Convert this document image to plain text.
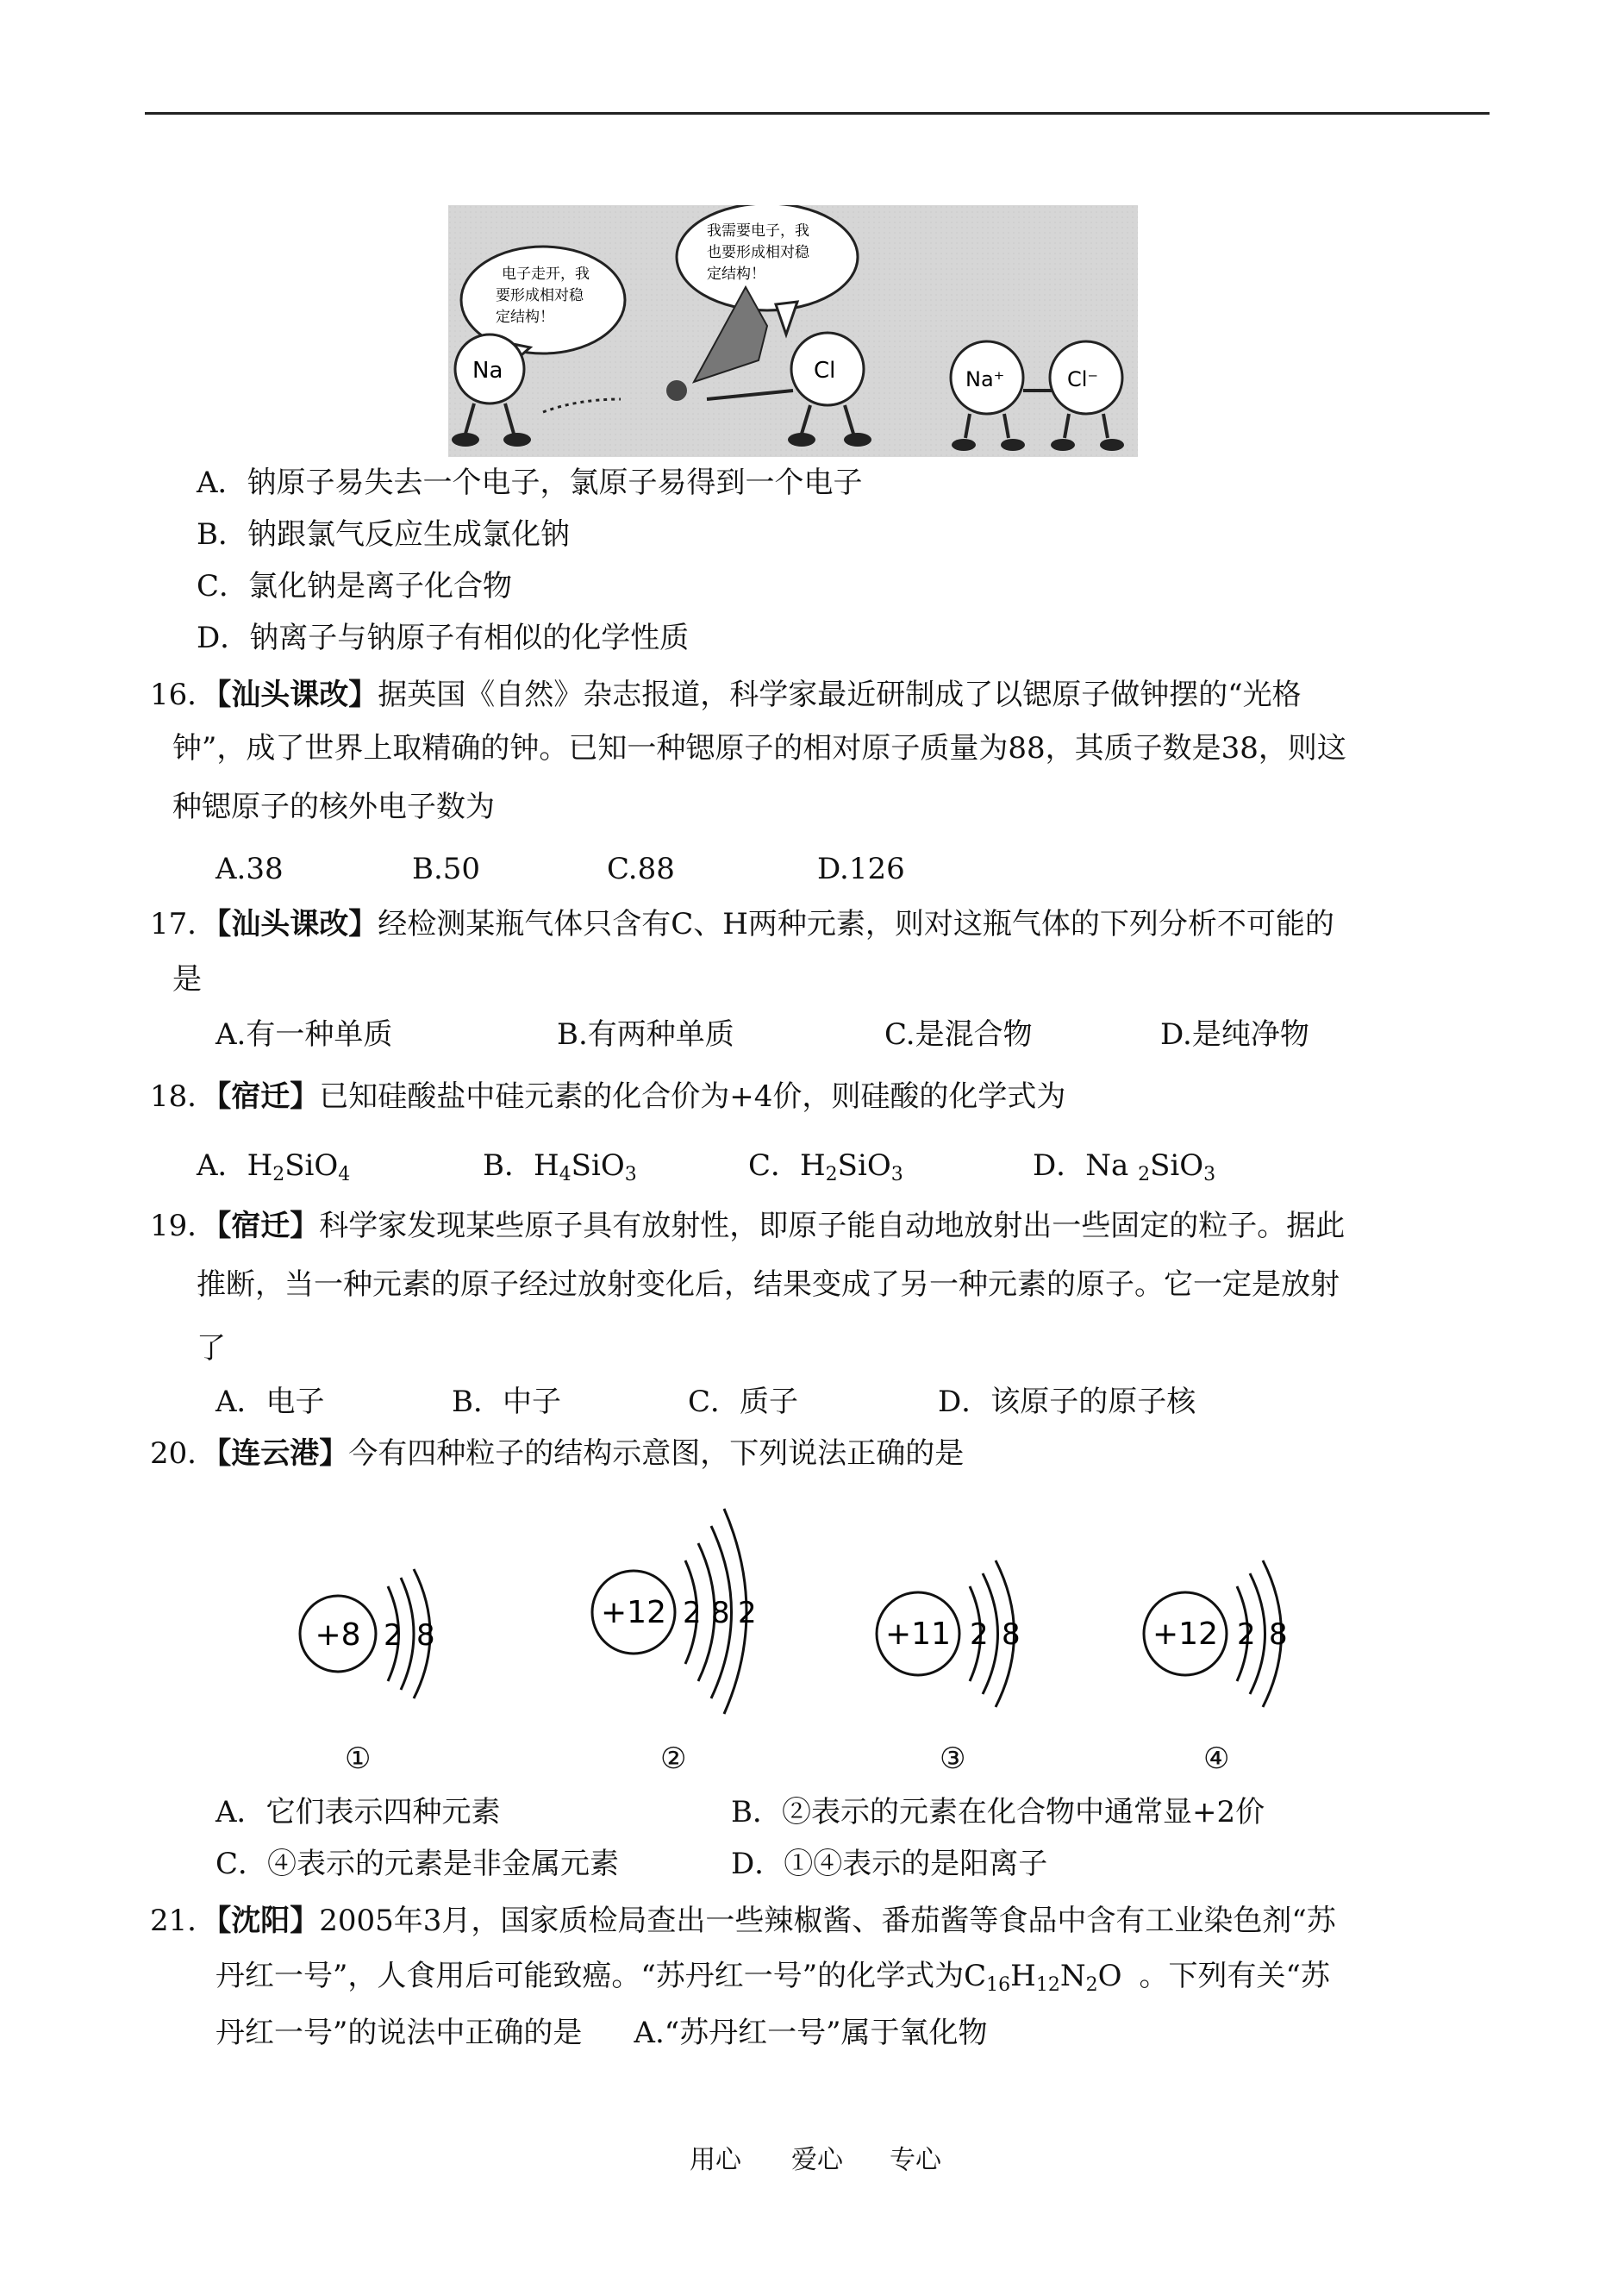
电子走开，我
要形成相对稳
定结构！
我需要电子，我
也要形成相对稳
定结构！
Na	Cl	Na⁺	Cl⁻
A．钠原子易失去一个电子，氯原子易得到一个电子
B．钠跟氯气反应生成氯化钠
C．氯化钠是离子化合物
D．钠离子与钠原子有相似的化学性质
16．【汕头课改】据英国《自然》杂志报道，科学家最近研制成了以锶原子做钟摆的“光格
钟”，成了世界上取精确的钟。已知一种锶原子的相对原子质量为88，其质子数是38，则这
种锶原子的核外电子数为
A.38	B.50	C.88	D.126
17．【汕头课改】经检测某瓶气体只含有C、H两种元素，则对这瓶气体的下列分析不可能的
是
A.有一种单质	B.有两种单质	C.是混合物	D.是纯净物
18．【宿迁】已知硅酸盐中硅元素的化合价为+4价，则硅酸的化学式为
A．$H_2SiO_4$	B．$H_4SiO_3$	C．$H_2SiO_3$	D．Na $_2$SiO$_3$
19．【宿迁】科学家发现某些原子具有放射性，即原子能自动地放射出一些固定的粒子。据此
推断，当一种元素的原子经过放射变化后，结果变成了另一种元素的原子。它一定是放射
了
A．电子	B．中子	C．质子	D．该原子的原子核
20．【连云港】今有四种粒子的结构示意图，下列说法正确的是
+8 2 8
+12 2 8 2
+11 2 8	+12 2 8
①	②	③	④
A．它们表示四种元素	B．②表示的元素在化合物中通常显+2价
C．④表示的元素是非金属元素	D．①④表示的是阳离子
21．【沈阳】2005年3月，国家质检局查出一些辣椒酱、番茄酱等食品中含有工业染色剂“苏
丹红一号”，人食用后可能致癌。“苏丹红一号”的化学式为$C_{16}H_{12}N_2O$ 。下列有关“苏
丹红一号”的说法中正确的是 A.“苏丹红一号”属于氧化物
用心 爱心 专心
